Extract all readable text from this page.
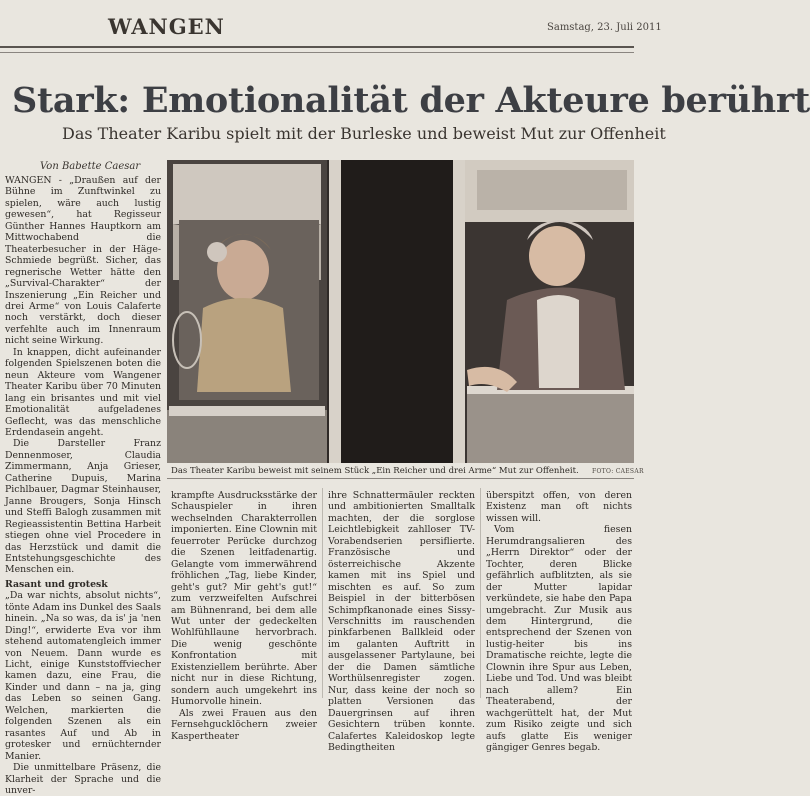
WANGEN	Samstag, 23. Juli 2011
Stark: Emotionalität der Akteure berührt
Das Theater Karibu spielt mit der Burleske und beweist Mut zur Offenheit
Von Babette Caesar

WANGEN - „Draußen auf der Bühne im Zunftwinkel zu spielen, wäre auch lustig gewesen“, hat Regisseur Günther Hannes Hauptkorn am Mittwochabend die Theaterbesucher in der Häge-Schmiede begrüßt. Sicher, das regnerische Wetter hätte den „Survival-Charakter“ der Inszenierung „Ein Reicher und drei Arme“ von Louis Calaferte noch verstärkt, doch dieser verfehlte auch im Innenraum nicht seine Wirkung.

In knappen, dicht aufeinander folgenden Spielszenen boten die neun Akteure vom Wangener Theater Karibu über 70 Minuten lang ein brisantes und mit viel Emotionalität aufgeladenes Geflecht, was das menschliche Erdendasein angeht.

Die Darsteller Franz Dennenmoser, Claudia Zimmermann, Anja Grieser, Catherine Dupuis, Marina Pichlbauer, Dagmar Steinhauser, Janne Brougers, Sonja Hinsch und Steffi Balogh zusammen mit Regieassistentin Bettina Harbeit stiegen ohne viel Procedere in das Herzstück und damit die Entstehungsgeschichte des Menschen ein.

Rasant und grotesk

„Da war nichts, absolut nichts“, tönte Adam ins Dunkel des Saals hinein. „Na so was, da is' ja 'nen Ding!“, erwiderte Eva vor ihm stehend automatengleich immer von Neuem. Dann wurde es Licht, einige Kunststoffviecher kamen dazu, eine Frau, die Kinder und dann – na ja, ging das Leben so seinen Gang. Welchen, markierten die folgenden Szenen als ein rasantes Auf und Ab in grotesker und ernüchternder Manier.

Die unmittelbare Präsenz, die Klarheit der Sprache und die unver-

Das Theater Karibu beweist mit seinem Stück „Ein Reicher und drei Arme“ Mut zur Offenheit. FOTO: CAESAR

krampfte Ausdrucksstärke der Schauspieler in ihren wechselnden Charakterrollen imponierten. Eine Clownin mit feuerroter Perücke durchzog die Szenen leitfadenartig. Gelangte vom immerwährend fröhlichen „Tag, liebe Kinder, geht's gut? Mir geht's gut!“ zum verzweifelten Aufschrei am Bühnenrand, bei dem alle Wut unter der gedeckelten Wohlfühllaune hervorbrach. Die wenig geschönte Konfrontation mit Existenziellem berührte. Aber nicht nur in diese Richtung, sondern auch umgekehrt ins Humorvolle hinein.

Als zwei Frauen aus den Fernsehgucklöchern zweier Kaspertheater

ihre Schnattermäuler reckten und ambitionierten Smalltalk machten, der die sorglose Leichtlebigkeit zahlloser TV-Vorabendserien persiflierte. Französische und österreichische Akzente kamen mit ins Spiel und mischten es auf. So zum Beispiel in der bitterbösen Schimpfkanonade eines Sissy-Verschnitts im rauschenden pinkfarbenen Ballkleid oder im galanten Auftritt in ausgelassener Partylaune, bei der die Damen sämtliche Worthülsenregister zogen. Nur, dass keine der noch so platten Versionen das Dauergrinsen auf ihren Gesichtern trüben konnte. Calafertes Kaleidoskop legte Bedingtheiten

überspitzt offen, von deren Existenz man oft nichts wissen will.

Vom fiesen Herumdrangsalieren des „Herrn Direktor“ oder der Tochter, deren Blicke gefährlich aufblitzten, als sie der Mutter lapidar verkündete, sie habe den Papa umgebracht. Zur Musik aus dem Hintergrund, die entsprechend der Szenen von lustig-heiter bis ins Dramatische reichte, legte die Clownin ihre Spur aus Leben, Liebe und Tod. Und was bleibt nach allem? Ein Theaterabend, der wachgerüttelt hat, der Mut zum Risiko zeigte und sich aufs glatte Eis weniger gängiger Genres begab.
